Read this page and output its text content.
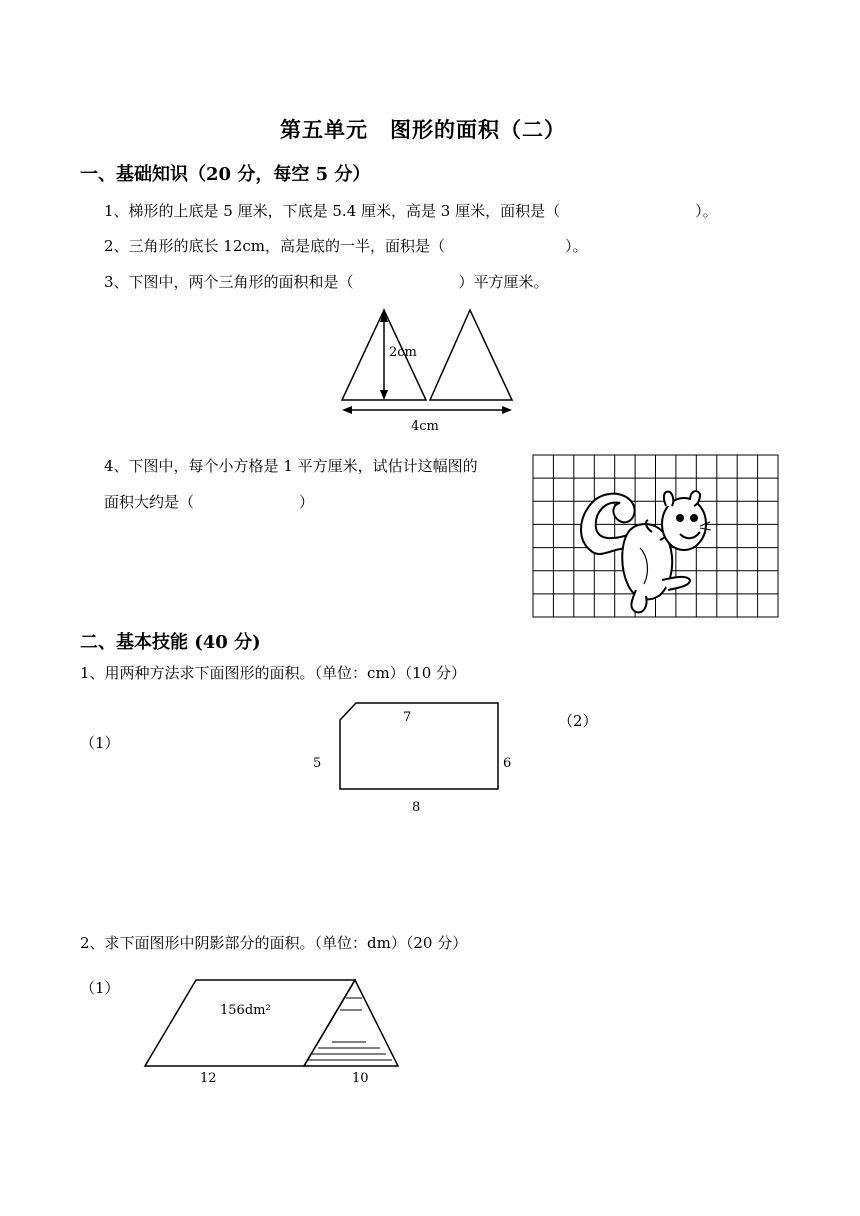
第五单元　图形的面积（二）
一、基础知识（20 分，每空 5 分）
1、梯形的上底是 5 厘米，下底是 5.4 厘米，高是 3 厘米，面积是（　　　　　　　　　）。
2、三角形的底长 12cm，高是底的一半，面积是（　　　　　　　　）。
3、下图中，两个三角形的面积和是（　　　　　　　）平方厘米。
2cm
4cm
4、下图中，每个小方格是 1 平方厘米，试估计这幅图的
面积大约是（　　　　　　　）
二、基本技能 (40 分)
1、用两种方法求下面图形的面积。（单位：cm）（10 分）
（1）
（2）
7
5	6
8
2、求下面图形中阴影部分的面积。（单位：dm）（20 分）
（1）
156dm²
12	10
